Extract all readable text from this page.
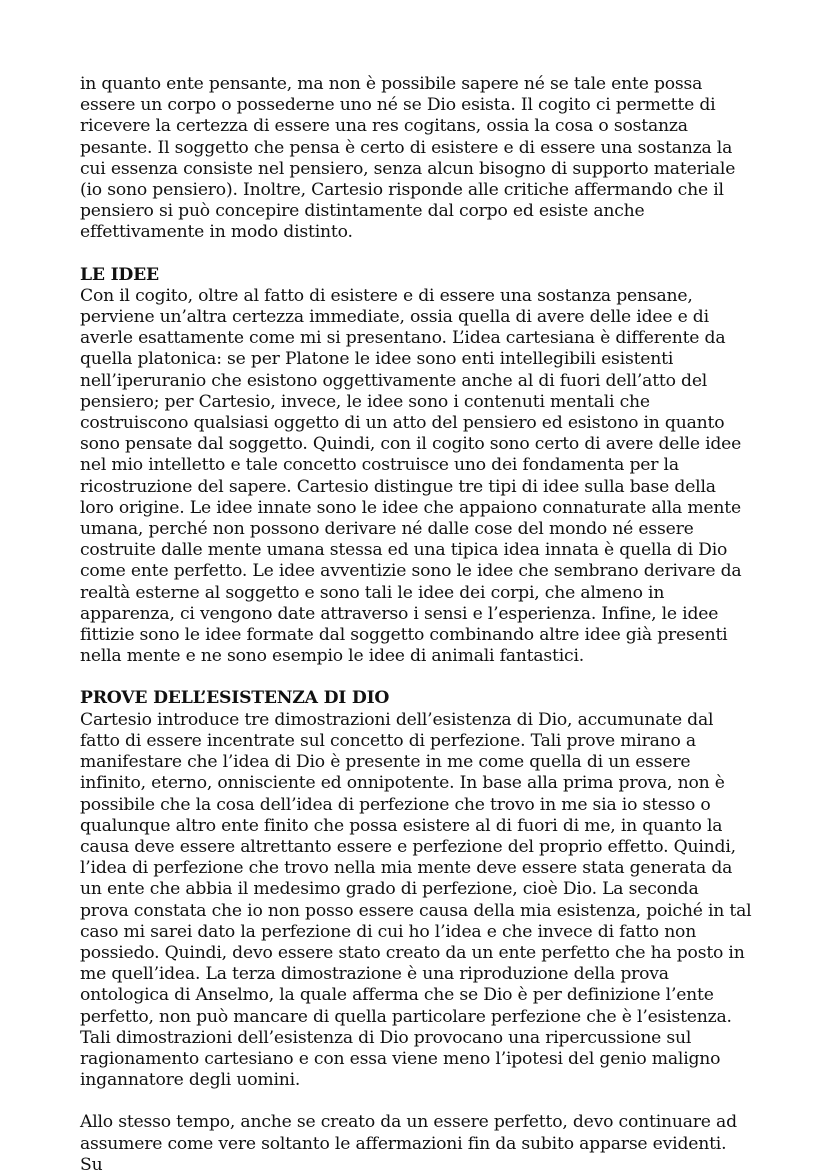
in quanto ente pensante, ma non è possibile sapere né se tale ente possa essere un corpo o possederne uno né se Dio esista. Il cogito ci permette di ricevere la certezza di essere una res cogitans, ossia la cosa o sostanza pesante. Il soggetto che pensa è certo di esistere e di essere una sostanza la cui essenza consiste nel pensiero, senza alcun bisogno di supporto materiale (io sono pensiero). Inoltre, Cartesio risponde alle critiche affermando che il pensiero si può concepire distintamente dal corpo ed esiste anche effettivamente in modo distinto.

LE IDEE

Con il cogito, oltre al fatto di esistere e di essere una sostanza pensane, perviene un’altra certezza immediate, ossia quella di avere delle idee e di averle esattamente come mi si presentano. L’idea cartesiana è differente da quella platonica: se per Platone le idee sono enti intellegibili esistenti nell’iperuranio che esistono oggettivamente anche al di fuori dell’atto del pensiero; per Cartesio, invece, le idee sono i contenuti mentali che costruiscono qualsiasi oggetto di un atto del pensiero ed esistono in quanto sono pensate dal soggetto. Quindi, con il cogito sono certo di avere delle idee nel mio intelletto e tale concetto costruisce uno dei fondamenta per la ricostruzione del sapere. Cartesio distingue tre tipi di idee sulla base della loro origine. Le idee innate sono le idee che appaiono connaturate alla mente umana, perché non possono derivare né dalle cose del mondo né essere costruite dalle mente umana stessa ed una tipica idea innata è quella di Dio come ente perfetto. Le idee avventizie sono le idee che sembrano derivare da realtà esterne al soggetto e sono tali le idee dei corpi, che almeno in apparenza, ci vengono date attraverso i sensi e l’esperienza. Infine, le idee fittizie sono le idee formate dal soggetto combinando altre idee già presenti nella mente e ne sono esempio le idee di animali fantastici.

PROVE DELL’ESISTENZA DI DIO

Cartesio introduce tre dimostrazioni dell’esistenza di Dio, accumunate dal fatto di essere incentrate sul concetto di perfezione. Tali prove mirano a manifestare che l’idea di Dio è presente in me come quella di un essere infinito, eterno, onnisciente ed onnipotente. In base alla prima prova, non è possibile che la cosa dell’idea di perfezione che trovo in me sia io stesso o qualunque altro ente finito che possa esistere al di fuori di me, in quanto la causa deve essere altrettanto essere e perfezione del proprio effetto. Quindi, l’idea di perfezione che trovo nella mia mente deve essere stata generata da un ente che abbia il medesimo grado di perfezione, cioè Dio. La seconda prova constata che io non posso essere causa della mia esistenza, poiché in tal caso mi sarei dato la perfezione di cui ho l’idea e che invece di fatto non possiedo. Quindi, devo essere stato creato da un ente perfetto che ha posto in me quell’idea. La terza dimostrazione è una riproduzione della prova ontologica di Anselmo, la quale afferma che se Dio è per definizione l’ente perfetto, non può mancare di quella particolare perfezione che è l’esistenza. Tali dimostrazioni dell’esistenza di Dio provocano una ripercussione sul ragionamento cartesiano e con essa viene meno l’ipotesi del genio maligno ingannatore degli uomini.

Allo stesso tempo, anche se creato da un essere perfetto, devo continuare ad assumere come vere soltanto le affermazioni fin da subito apparse evidenti. Su
